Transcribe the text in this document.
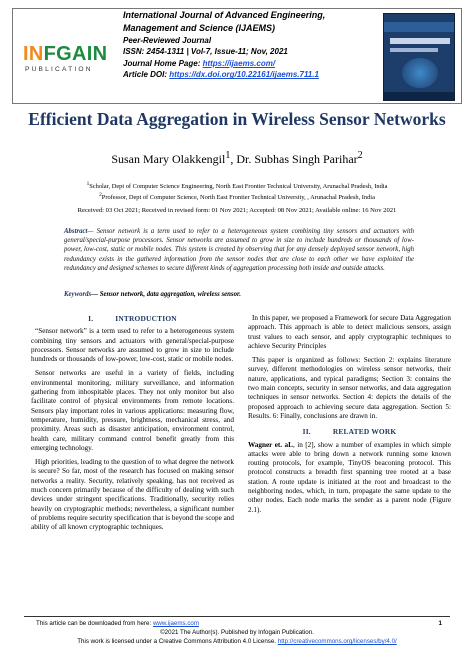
INFGAIN
PUBLICATION
International Journal of Advanced Engineering, Management and Science (IJAEMS)
Peer-Reviewed Journal
ISSN: 2454-1311 | Vol-7, Issue-11; Nov, 2021
Journal Home Page: https://ijaems.com/
Article DOI: https://dx.doi.org/10.22161/ijaems.711.1
Efficient Data Aggregation in Wireless Sensor Networks
Susan Mary Olakkengil$^1$, Dr. Subhas Singh Parihar$^2$
$^1$Scholar, Dept of Computer Science Engineering, North East Frontier Technical University, Arunachal Pradesh, India
$^2$Professor, Dept of Computer Science, North East Frontier Technical University, , Arunachal Pradesh, India
Received: 03 Oct 2021; Received in revised form: 01 Nov 2021; Accepted: 08 Nov 2021; Available online: 16 Nov 2021
Abstract— Sensor network is a term used to refer to a heterogeneous system combining tiny sensors and actuators with general/special-purpose processors. Sensor networks are assumed to grow in size to include hundreds or thousands of low-power, low-cost, static or mobile nodes. This system is created by observing that for any densely deployed sensor network, high redundancy exists in the gathered information from the sensor nodes that are close to each other we have exploited the redundancy and designed schemes to secure different kinds of aggregation processing both inside and outside attacks.
Keywords— Sensor network, data aggregation, wireless sensor.
I.	INTRODUCTION
“Sensor network” is a term used to refer to a heterogeneous system combining tiny sensors and actuators with general/special-purpose processors. Sensor networks are assumed to grow in size to include hundreds or thousands of low-power, low-cost, static or mobile nodes.
Sensor networks are useful in a variety of fields, including environmental monitoring, military surveillance, and information gathering from inhospitable places. They not only monitor but also facilitate control of physical environments from remote locations. Sensors play important roles in various applications: measuring flow, temperature, humidity, pressure, brightness, mechanical stress, and proximity. Areas such as disaster anticipation, environment control, health care, military command control benefit greatly from this emerging technology.
High priorities, leading to the question of to what degree the network is secure? So far, most of the research has focused on making sensor networks a reality. Security, relatively speaking, has not received as much concern primarily because of the difficulty of dealing with such devices under stringent specifications. Traditionally, security relies heavily on cryptographic methods; nevertheless, a significant number of problems require security specification that is beyond the scope and ability of all known cryptographic techniques.
In this paper, we proposed a Framework for secure Data Aggregation approach. This approach is able to detect malicious sensors, assign trust values to each sensor, and apply cryptographic techniques to achieve Security Principles
This paper is organized as follows: Section 2: explains literature survey, different methodologies on wireless sensor networks, their nature, applications, and typical paradigms; Section 3: contains the two main concepts, security in sensor networks, and data aggregation techniques in sensor networks. Section 4: depicts the details of the proposed approach to achieving secure data aggregation. Section 5: Results. 6: Finally, conclusions are drawn in.
II.	RELATED WORK
Wagner et. aL, in [2], show a number of examples in which simple attacks were able to bring down a network running some known routing protocols, for example, TinyOS beaconing protocol. This protocol constructs a breadth first spanning tree rooted at a base station. A route update is initiated at the root and broadcast to the neighboring nodes, which, in turn, propagate the same update to the other nodes. Each node marks the sender as a parent node (Figure 2.1).
This article can be downloaded from here: www.ijaems.com	1
©2021 The Author(s). Published by Infogain Publication.
This work is licensed under a Creative Commons Attribution 4.0 License. http://creativecommons.org/licenses/by/4.0/
